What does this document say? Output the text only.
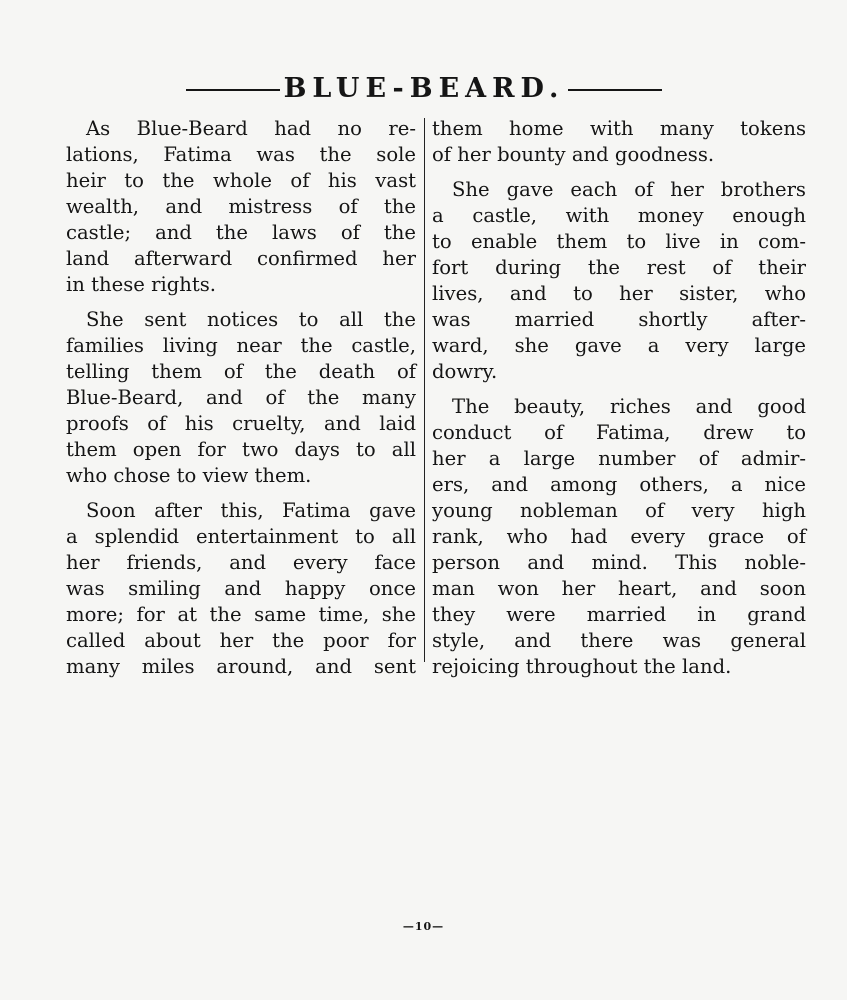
BLUE-BEARD.

As Blue-Beard had no re-
lations, Fatima was the sole
heir to the whole of his vast
wealth, and mistress of the
castle; and the laws of the
land afterward confirmed her
in these rights.

She sent notices to all the
families living near the castle,
telling them of the death of
Blue-Beard, and of the many
proofs of his cruelty, and laid
them open for two days to all
who chose to view them.

Soon after this, Fatima gave
a splendid entertainment to all
her friends, and every face
was smiling and happy once
more; for at the same time, she
called about her the poor for
many miles around, and sent

them home with many tokens
of her bounty and goodness.

She gave each of her brothers
a castle, with money enough
to enable them to live in com-
fort during the rest of their
lives, and to her sister, who
was married shortly after-
ward, she gave a very large
dowry.

The beauty, riches and good
conduct of Fatima, drew to
her a large number of admir-
ers, and among others, a nice
young nobleman of very high
rank, who had every grace of
person and mind. This noble-
man won her heart, and soon
they were married in grand
style, and there was general
rejoicing throughout the land.

—10—
